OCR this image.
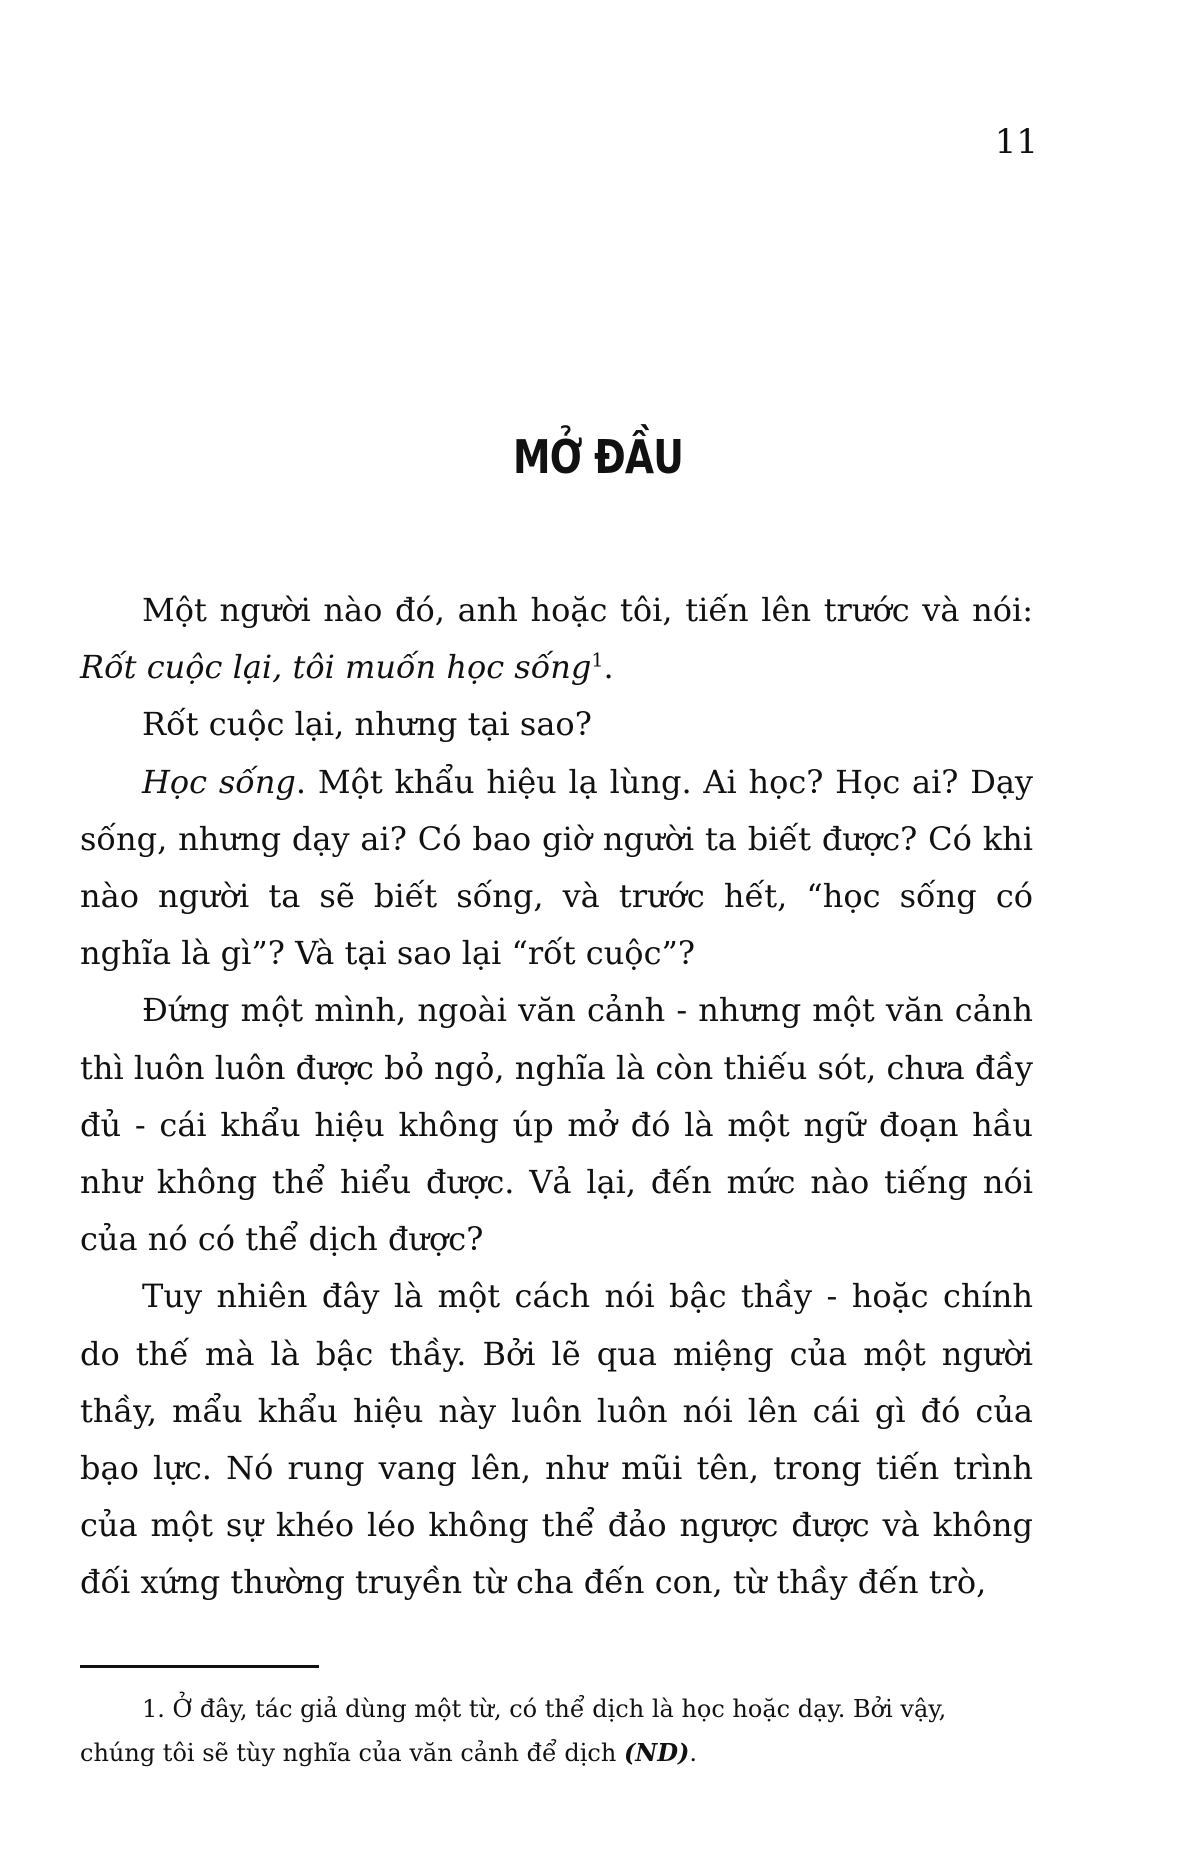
11
MỞ ĐẦU

Một người nào đó, anh hoặc tôi, tiến lên trước và nói: Rốt cuộc lại, tôi muốn học sống$^1$.

Rốt cuộc lại, nhưng tại sao?

Học sống. Một khẩu hiệu lạ lùng. Ai học? Học ai? Dạy sống, nhưng dạy ai? Có bao giờ người ta biết được? Có khi nào người ta sẽ biết sống, và trước hết, “học sống có nghĩa là gì”? Và tại sao lại “rốt cuộc”?

Đứng một mình, ngoài văn cảnh - nhưng một văn cảnh thì luôn luôn được bỏ ngỏ, nghĩa là còn thiếu sót, chưa đầy đủ - cái khẩu hiệu không úp mở đó là một ngữ đoạn hầu như không thể hiểu được. Vả lại, đến mức nào tiếng nói của nó có thể dịch được?

Tuy nhiên đây là một cách nói bậc thầy - hoặc chính do thế mà là bậc thầy. Bởi lẽ qua miệng của một người thầy, mẩu khẩu hiệu này luôn luôn nói lên cái gì đó của bạo lực. Nó rung vang lên, như mũi tên, trong tiến trình của một sự khéo léo không thể đảo ngược được và không đối xứng thường truyền từ cha đến con, từ thầy đến trò,

1. Ở đây, tác giả dùng một từ, có thể dịch là học hoặc dạy. Bởi vậy,
chúng tôi sẽ tùy nghĩa của văn cảnh để dịch (ND).
